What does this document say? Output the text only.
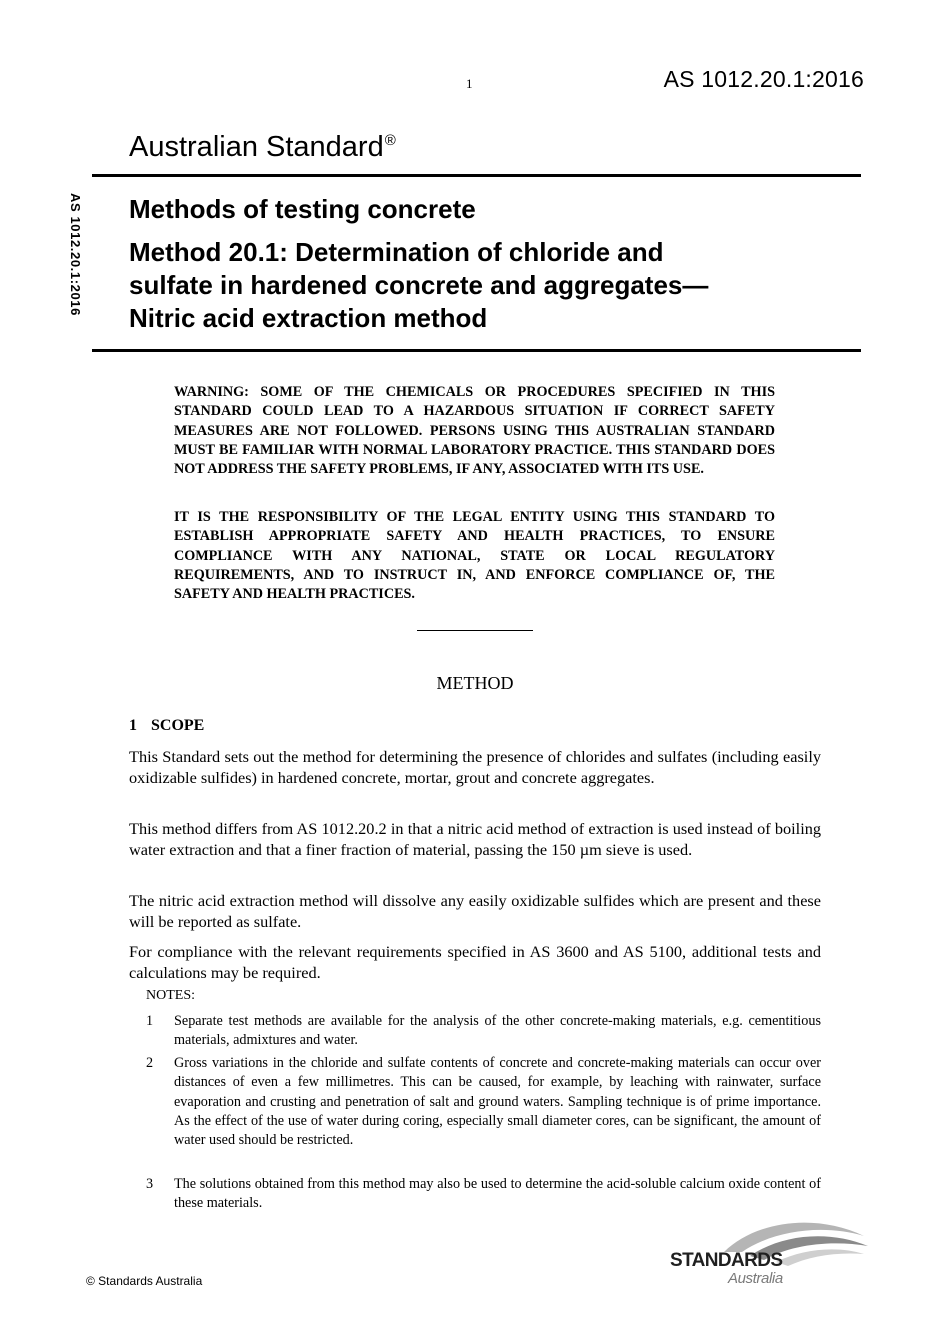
1	AS 1012.20.1:2016
Australian Standard®
AS 1012.20.1:2016 Methods of testing concrete
Method 20.1: Determination of chloride and
sulfate in hardened concrete and aggregates—
Nitric acid extraction method
WARNING: SOME OF THE CHEMICALS OR PROCEDURES SPECIFIED IN THIS STANDARD COULD LEAD TO A HAZARDOUS SITUATION IF CORRECT SAFETY MEASURES ARE NOT FOLLOWED. PERSONS USING THIS AUSTRALIAN STANDARD MUST BE FAMILIAR WITH NORMAL LABORATORY PRACTICE. THIS STANDARD DOES NOT ADDRESS THE SAFETY PROBLEMS, IF ANY, ASSOCIATED WITH ITS USE.
IT IS THE RESPONSIBILITY OF THE LEGAL ENTITY USING THIS STANDARD TO ESTABLISH APPROPRIATE SAFETY AND HEALTH PRACTICES, TO ENSURE COMPLIANCE WITH ANY NATIONAL, STATE OR LOCAL REGULATORY REQUIREMENTS, AND TO INSTRUCT IN, AND ENFORCE COMPLIANCE OF, THE SAFETY AND HEALTH PRACTICES.
METHOD
1 SCOPE
This Standard sets out the method for determining the presence of chlorides and sulfates (including easily oxidizable sulfides) in hardened concrete, mortar, grout and concrete aggregates.
This method differs from AS 1012.20.2 in that a nitric acid method of extraction is used instead of boiling water extraction and that a finer fraction of material, passing the 150 µm sieve is used.
The nitric acid extraction method will dissolve any easily oxidizable sulfides which are present and these will be reported as sulfate.
For compliance with the relevant requirements specified in AS 3600 and AS 5100, additional tests and calculations may be required.
NOTES:
1	Separate test methods are available for the analysis of the other concrete-making materials, e.g. cementitious materials, admixtures and water.
2	Gross variations in the chloride and sulfate contents of concrete and concrete-making materials can occur over distances of even a few millimetres. This can be caused, for example, by leaching with rainwater, surface evaporation and crusting and penetration of salt and ground waters. Sampling technique is of prime importance. As the effect of the use of water during coring, especially small diameter cores, can be significant, the amount of water used should be restricted.
3	The solutions obtained from this method may also be used to determine the acid-soluble calcium oxide content of these materials.
© Standards Australia
STANDARDS
Australia
